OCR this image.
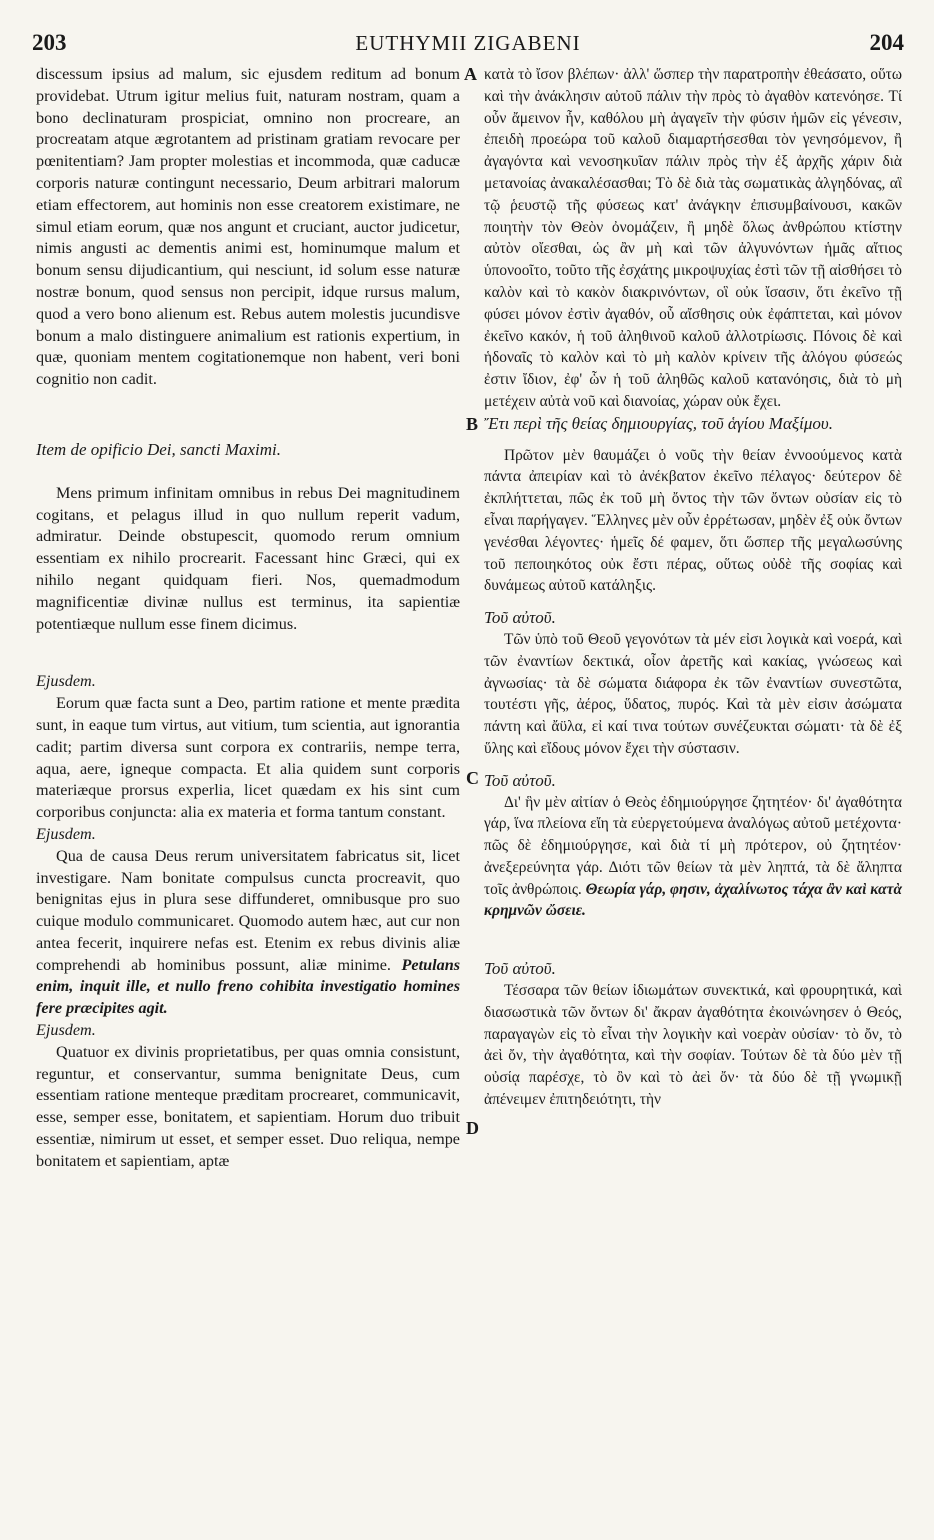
203	EUTHYMII ZIGABENI	204
A
B
C
D

discessum ipsius ad malum, sic ejusdem reditum ad bonum providebat. Utrum igitur melius fuit, naturam nostram, quam a bono declinaturam prospiciat, omnino non procreare, an procreatam atque ægrotantem ad pristinam gratiam revocare per pœnitentiam? Jam propter molestias et incommoda, quæ caducæ corporis naturæ contingunt necessario, Deum arbitrari malorum etiam effectorem, aut hominis non esse creatorem existimare, ne simul etiam eorum, quæ nos angunt et cruciant, auctor judicetur, nimis angusti ac dementis animi est, hominumque malum et bonum sensu dijudicantium, qui nesciunt, id solum esse naturæ nostræ bonum, quod sensus non percipit, idque rursus malum, quod a vero bono alienum est. Rebus autem molestis jucundisve bonum a malo distinguere animalium est rationis expertium, in quæ, quoniam mentem cogitationemque non habent, veri boni cognitio non cadit.

Item de opificio Dei, sancti Maximi.

Mens primum infinitam omnibus in rebus Dei magnitudinem cogitans, et pelagus illud in quo nullum reperit vadum, admiratur. Deinde obstupescit, quomodo rerum omnium essentiam ex nihilo procrearit. Facessant hinc Græci, qui ex nihilo negant quidquam fieri. Nos, quemadmodum magnificentiæ divinæ nullus est terminus, ita sapientiæ potentiæque nullum esse finem dicimus.

Ejusdem.

Eorum quæ facta sunt a Deo, partim ratione et mente prædita sunt, in eaque tum virtus, aut vitium, tum scientia, aut ignorantia cadit; partim diversa sunt corpora ex contrariis, nempe terra, aqua, aere, igneque compacta. Et alia quidem sunt corporis materiæque prorsus experlia, licet quædam ex his sint cum corporibus conjuncta: alia ex materia et forma tantum constant.

Ejusdem.

Qua de causa Deus rerum universitatem fabricatus sit, licet investigare. Nam bonitate compulsus cuncta procreavit, quo benignitas ejus in plura sese diffunderet, omnibusque pro suo cuique modulo communicaret. Quomodo autem hæc, aut cur non antea fecerit, inquirere nefas est. Etenim ex rebus divinis aliæ comprehendi ab hominibus possunt, aliæ minime. Petulans enim, inquit ille, et nullo freno cohibita investigatio homines fere præcipites agit.

Ejusdem.

Quatuor ex divinis proprietatibus, per quas omnia consistunt, reguntur, et conservantur, summa benignitate Deus, cum essentiam ratione menteque præditam procrearet, communicavit, esse, semper esse, bonitatem, et sapientiam. Horum duo tribuit essentiæ, nimirum ut esset, et semper esset. Duo reliqua, nempe bonitatem et sapientiam, aptæ

κατὰ τὸ ἴσον βλέπων· ἀλλ' ὥσπερ τὴν παρατροπὴν ἐθεάσατο, οὕτω καὶ τὴν ἀνάκλησιν αὐτοῦ πάλιν τὴν πρὸς τὸ ἀγαθὸν κατενόησε. Τί οὖν ἄμεινον ἦν, καθόλου μὴ ἀγαγεῖν τὴν φύσιν ἡμῶν εἰς γένεσιν, ἐπειδὴ προεώρα τοῦ καλοῦ διαμαρτήσεσθαι τὸν γενησόμενον, ἢ ἀγαγόντα καὶ νενοσηκυῖαν πάλιν πρὸς τὴν ἐξ ἀρχῆς χάριν διὰ μετανοίας ἀνακαλέσασθαι; Τὸ δὲ διὰ τὰς σωματικὰς ἀλγηδόνας, αἳ τῷ ῥευστῷ τῆς φύσεως κατ' ἀνάγκην ἐπισυμβαίνουσι, κακῶν ποιητὴν τὸν Θεὸν ὀνομάζειν, ἢ μηδὲ ὅλως ἀνθρώπου κτίστην αὐτὸν οἴεσθαι, ὡς ἂν μὴ καὶ τῶν ἀλγυνόντων ἡμᾶς αἴτιος ὑπονοοῖτο, τοῦτο τῆς ἐσχάτης μικροψυχίας ἐστὶ τῶν τῇ αἰσθήσει τὸ καλὸν καὶ τὸ κακὸν διακρινόντων, οἳ οὐκ ἴσασιν, ὅτι ἐκεῖνο τῇ φύσει μόνον ἐστὶν ἀγαθόν, οὗ αἴσθησις οὐκ ἐφάπτεται, καὶ μόνον ἐκεῖνο κακόν, ἡ τοῦ ἀληθινοῦ καλοῦ ἀλλοτρίωσις. Πόνοις δὲ καὶ ἡδοναῖς τὸ καλὸν καὶ τὸ μὴ καλὸν κρίνειν τῆς ἀλόγου φύσεώς ἐστιν ἴδιον, ἐφ' ὧν ἡ τοῦ ἀληθῶς καλοῦ κατανόησις, διὰ τὸ μὴ μετέχειν αὐτὰ νοῦ καὶ διανοίας, χώραν οὐκ ἔχει.

Ἔτι περὶ τῆς θείας δημιουργίας, τοῦ ἁγίου Μαξίμου.

Πρῶτον μὲν θαυμάζει ὁ νοῦς τὴν θείαν ἐννοούμενος κατὰ πάντα ἀπειρίαν καὶ τὸ ἀνέκβατον ἐκεῖνο πέλαγος· δεύτερον δὲ ἐκπλήττεται, πῶς ἐκ τοῦ μὴ ὄντος τὴν τῶν ὄντων οὐσίαν εἰς τὸ εἶναι παρήγαγεν. Ἕλληνες μὲν οὖν ἐρρέτωσαν, μηδὲν ἐξ οὐκ ὄντων γενέσθαι λέγοντες· ἡμεῖς δέ φαμεν, ὅτι ὥσπερ τῆς μεγαλωσύνης τοῦ πεποιηκότος οὐκ ἔστι πέρας, οὕτως οὐδὲ τῆς σοφίας καὶ δυνάμεως αὐτοῦ κατάληξις.

Τοῦ αὐτοῦ.

Τῶν ὑπὸ τοῦ Θεοῦ γεγονότων τὰ μέν εἰσι λογικὰ καὶ νοερά, καὶ τῶν ἐναντίων δεκτικά, οἷον ἀρετῆς καὶ κακίας, γνώσεως καὶ ἀγνωσίας· τὰ δὲ σώματα διάφορα ἐκ τῶν ἐναντίων συνεστῶτα, τουτέστι γῆς, ἀέρος, ὕδατος, πυρός. Καὶ τὰ μὲν εἰσιν ἀσώματα πάντη καὶ ἄϋλα, εἰ καί τινα τούτων συνέζευκται σώματι· τὰ δὲ ἐξ ὕλης καὶ εἴδους μόνον ἔχει τὴν σύστασιν.

Τοῦ αὐτοῦ.

Δι' ἣν μὲν αἰτίαν ὁ Θεὸς ἐδημιούργησε ζητητέον· δι' ἀγαθότητα γάρ, ἵνα πλείονα εἴη τὰ εὐεργετούμενα ἀναλόγως αὐτοῦ μετέχοντα· πῶς δὲ ἐδημιούργησε, καὶ διὰ τί μὴ πρότερον, οὐ ζητητέον· ἀνεξερεύνητα γάρ. Διότι τῶν θείων τὰ μὲν ληπτά, τὰ δὲ ἄληπτα τοῖς ἀνθρώποις. Θεωρία γάρ, φησιν, ἀχαλίνωτος τάχα ἂν καὶ κατὰ κρημνῶν ὤσειε.

Τοῦ αὐτοῦ.

Τέσσαρα τῶν θείων ἰδιωμάτων συνεκτικά, καὶ φρουρητικά, καὶ διασωστικὰ τῶν ὄντων δι' ἄκραν ἀγαθότητα ἐκοινώνησεν ὁ Θεός, παραγαγὼν εἰς τὸ εἶναι τὴν λογικὴν καὶ νοερὰν οὐσίαν· τὸ ὄν, τὸ ἀεὶ ὄν, τὴν ἀγαθότητα, καὶ τὴν σοφίαν. Τούτων δὲ τὰ δύο μὲν τῇ οὐσίᾳ παρέσχε, τὸ ὂν καὶ τὸ ἀεὶ ὄν· τὰ δύο δὲ τῇ γνωμικῇ ἀπένειμεν ἐπιτηδειότητι, τὴν
